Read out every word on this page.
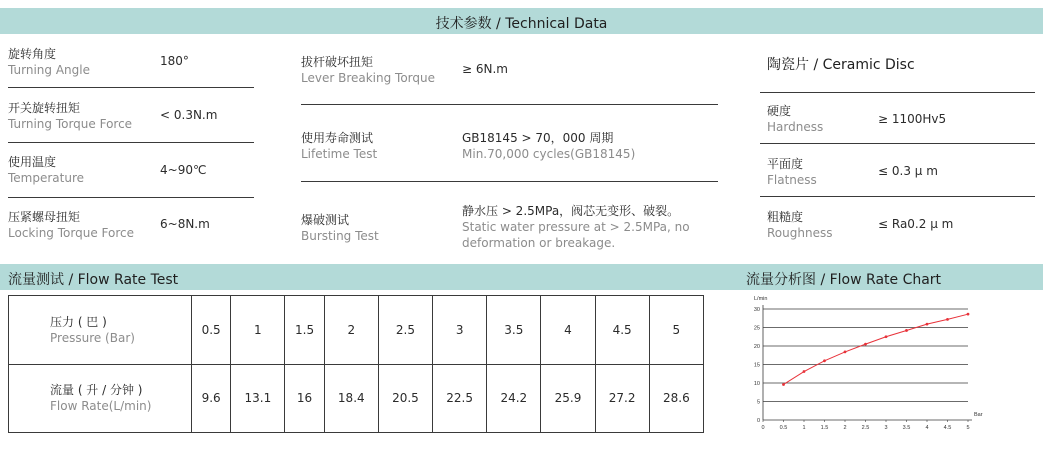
技术参数 / Technical Data
旋转角度
Turning Angle
180°
开关旋转扭矩
Turning Torque Force
< 0.3N.m
使用温度
Temperature
4~90℃
压紧螺母扭矩
Locking Torque Force
6~8N.m
拔杆破坏扭矩
Lever Breaking Torque
≥ 6N.m
使用寿命测试
Lifetime Test
GB18145 > 70，000 周期
Min.70,000 cycles(GB18145)
爆破测试
Bursting Test
静水压 > 2.5MPa，阀芯无变形、破裂。
Static water pressure at > 2.5MPa, no
deformation or breakage.
陶瓷片 / Ceramic Disc
硬度
Hardness
≥ 1100Hv5
平面度
Flatness
≤ 0.3 μ m
粗糙度
Roughness
≤ Ra0.2 μ m
流量测试 / Flow Rate Test	流量分析图 / Flow Rate Chart
压力 ( 巴 )
Pressure (Bar)	0.5	1	1.5	2	2.5	3	3.5	4	4.5	5

流量 ( 升 / 分钟 )
Flow Rate(L/min)	9.6	13.1	16	18.4	20.5	22.5	24.2	25.9	27.2	28.6
0
5
10
15
20
25
30
0	0.5	1	1.5	2	2.5	3	3.5	4	4.5	5
L/min
Bar
